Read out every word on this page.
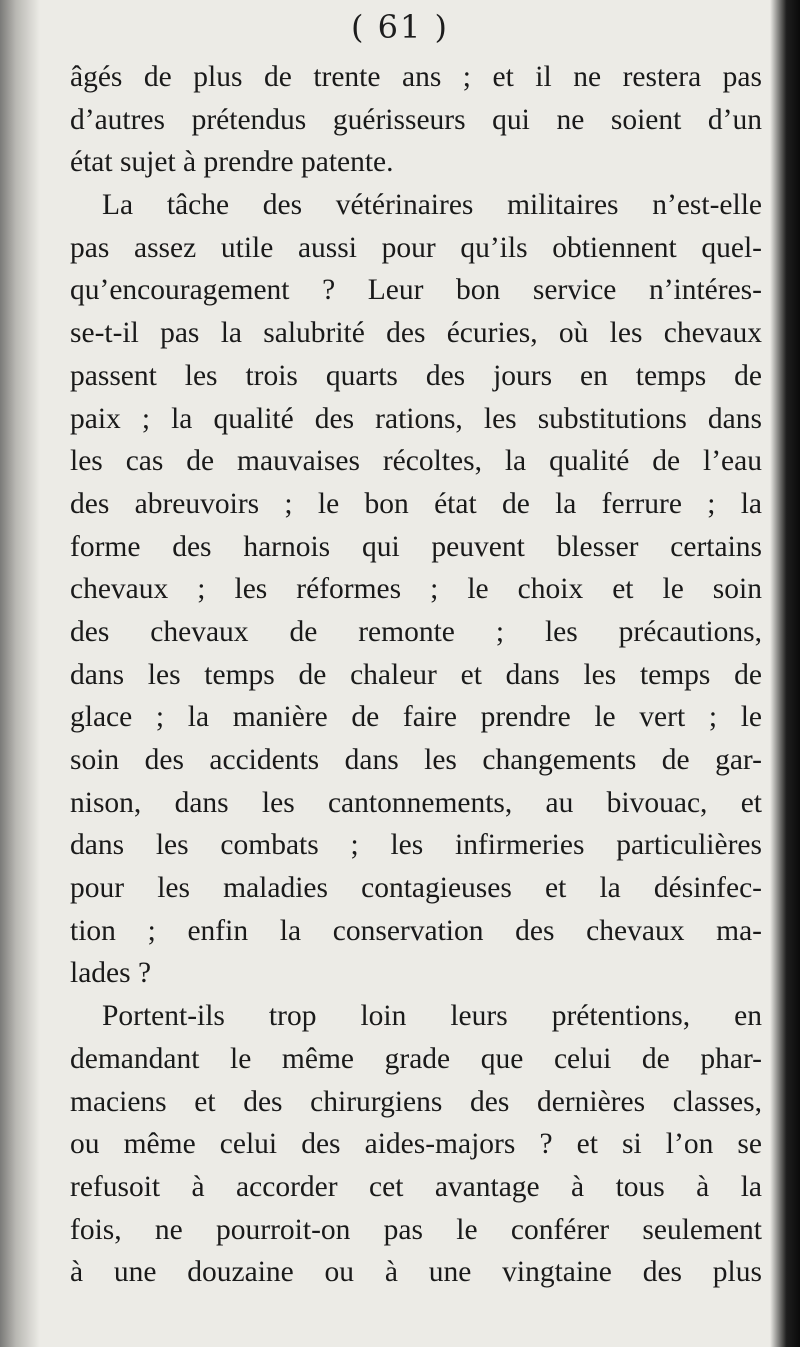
( 61 )
âgés de plus de trente ans ; et il ne restera pas
d’autres prétendus guérisseurs qui ne soient d’un
état sujet à prendre patente.
La tâche des vétérinaires militaires n’est-elle
pas assez utile aussi pour qu’ils obtiennent quel-
qu’encouragement ? Leur bon service n’intéres-
se-t-il pas la salubrité des écuries, où les chevaux
passent les trois quarts des jours en temps de
paix ; la qualité des rations, les substitutions dans
les cas de mauvaises récoltes, la qualité de l’eau
des abreuvoirs ; le bon état de la ferrure ; la
forme des harnois qui peuvent blesser certains
chevaux ; les réformes ; le choix et le soin
des chevaux de remonte ; les précautions,
dans les temps de chaleur et dans les temps de
glace ; la manière de faire prendre le vert ; le
soin des accidents dans les changements de gar-
nison, dans les cantonnements, au bivouac, et
dans les combats ; les infirmeries particulières
pour les maladies contagieuses et la désinfec-
tion ; enfin la conservation des chevaux ma-
lades ?
Portent-ils trop loin leurs prétentions, en
demandant le même grade que celui de phar-
maciens et des chirurgiens des dernières classes,
ou même celui des aides-majors ? et si l’on se
refusoit à accorder cet avantage à tous à la
fois, ne pourroit-on pas le conférer seulement
à une douzaine ou à une vingtaine des plus
